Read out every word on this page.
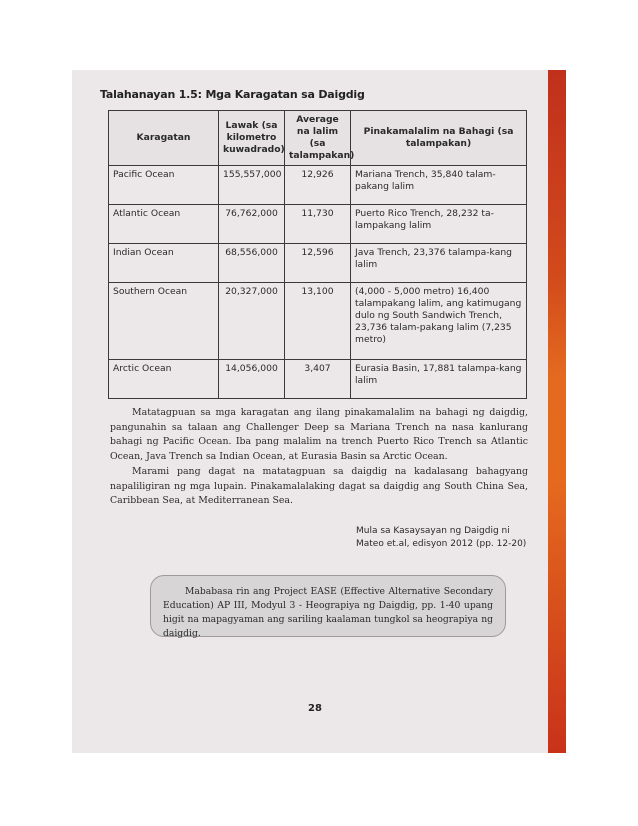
Talahanayan 1.5: Mga Karagatan sa Daigdig
Karagatan	Lawak (sa kilometro kuwadrado)	Average na lalim (sa talampakan)	Pinakamalalim na Bahagi (sa talampakan)
Pacific Ocean	155,557,000	12,926	Mariana Trench, 35,840 talam-pakang lalim
Atlantic Ocean	76,762,000	11,730	Puerto Rico Trench, 28,232 ta-lampakang lalim
Indian Ocean	68,556,000	12,596	Java Trench, 23,376 talampa-kang lalim
Southern Ocean	20,327,000	13,100	(4,000 - 5,000 metro) 16,400 talampakang lalim, ang katimugang dulo ng South Sandwich Trench, 23,736 talam-pakang lalim (7,235 metro)
Arctic Ocean	14,056,000	3,407	Eurasia Basin, 17,881 talampa-kang lalim

Matatagpuan sa mga karagatan ang ilang pinakamalalim na bahagi ng daigdig, pangunahin sa talaan ang Challenger Deep sa Mariana Trench na nasa kanlurang bahagi ng Pacific Ocean. Iba pang malalim na trench Puerto Rico Trench sa Atlantic Ocean, Java Trench sa Indian Ocean, at Eurasia Basin sa Arctic Ocean.

Marami pang dagat na matatagpuan sa daigdig na kadalasang bahagyang napaliligiran ng mga lupain. Pinakamalalaking dagat sa daigdig ang South China Sea, Caribbean Sea, at Mediterranean Sea.

Mula sa Kasaysayan ng Daigdig ni
Mateo et.al, edisyon 2012 (pp. 12-20)
Mababasa rin ang Project EASE (Effective Alternative Secondary Education) AP III, Modyul 3 - Heograpiya ng Daigdig, pp. 1-40 upang higit na mapagyaman ang sariling kaalaman tungkol sa heograpiya ng daigdig.
28
